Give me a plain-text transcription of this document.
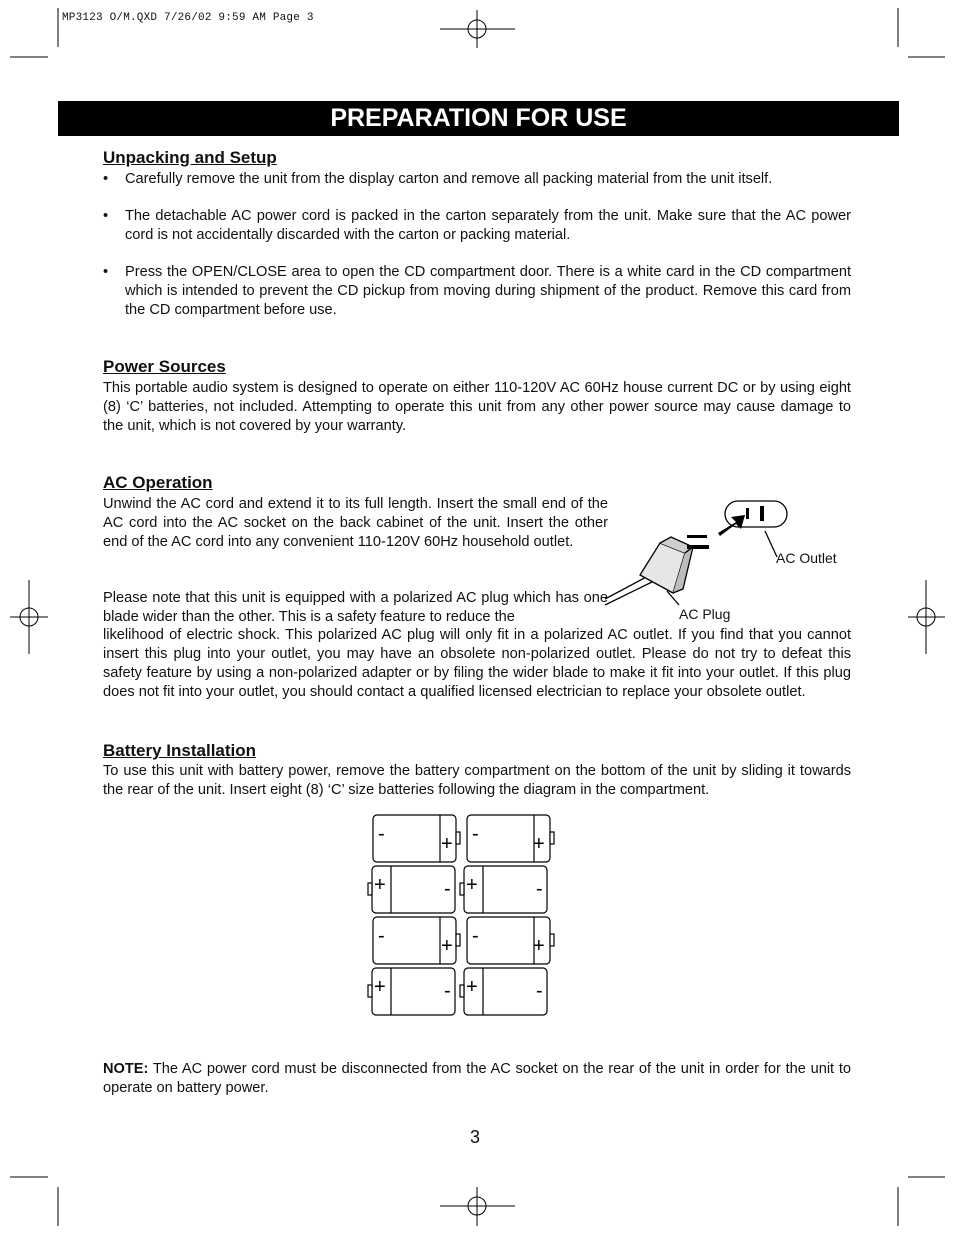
MP3123 O/M.QXD 7/26/02 9:59 AM Page 3
PREPARATION FOR USE
Unpacking and Setup
• Carefully remove the unit from the display carton and remove all packing material from the unit itself.
• The detachable AC power cord is packed in the carton separately from the unit. Make sure that the AC power cord is not accidentally discarded with the carton or packing material.
• Press the OPEN/CLOSE area to open the CD compartment door. There is a white card in the CD compartment which is intended to prevent the CD pickup from moving during shipment of the product. Remove this card from the CD compartment before use.
Power Sources
This portable audio system is designed to operate on either 110-120V AC 60Hz house current DC or by using eight (8) ‘C’ batteries, not included. Attempting to operate this unit from any other power source may cause damage to the unit, which is not covered by your warranty.
AC Operation
Unwind the AC cord and extend it to its full length. Insert the small end of the AC cord into the AC socket on the back cabinet of the unit. Insert the other end of the AC cord into any convenient 110-120V 60Hz household outlet.
Please note that this unit is equipped with a polarized AC plug which has one blade wider than the other. This is a safety feature to reduce the
likelihood of electric shock. This polarized AC plug will only fit in a polarized AC outlet. If you find that you cannot insert this plug into your outlet, you may have an obsolete non-polarized outlet. Please do not try to defeat this safety feature by using a non-polarized adapter or by filing the wider blade to make it fit into your outlet. If this plug does not fit into your outlet, you should contact a qualified licensed electrician to replace your obsolete outlet.
AC Outlet
AC Plug
Battery Installation
To use this unit with battery power, remove the battery compartment on the bottom of the unit by sliding it towards the rear of the unit. Insert eight (8) ‘C’ size batteries following the diagram in the compartment.
-	+ -	+
+	- +	-
-	+ -	+
+	- +	-
NOTE: The AC power cord must be disconnected from the AC socket on the rear of the unit in order for the unit to operate on battery power.
3
